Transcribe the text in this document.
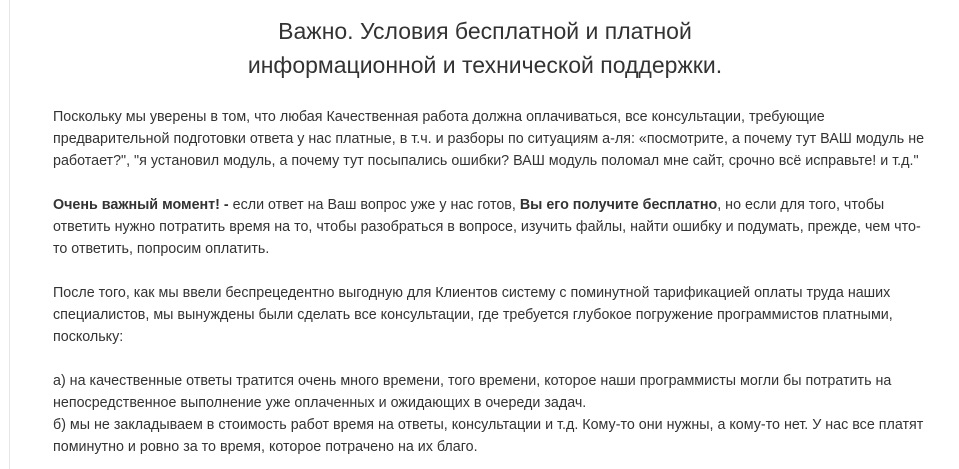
Важно. Условия бесплатной и платной
информационной и технической поддержки.

Поскольку мы уверены в том, что любая Качественная работа должна оплачиваться, все консультации, требующие предварительной подготовки ответа у нас платные, в т.ч. и разборы по ситуациям а-ля: «посмотрите, а почему тут ВАШ модуль не работает?", "я установил модуль, а почему тут посыпались ошибки? ВАШ модуль поломал мне сайт, срочно всё исправьте! и т.д."

Очень важный момент! - если ответ на Ваш вопрос уже у нас готов, Вы его получите бесплатно, но если для того, чтобы ответить нужно потратить время на то, чтобы разобраться в вопросе, изучить файлы, найти ошибку и подумать, прежде, чем что-то ответить, попросим оплатить.

После того, как мы ввели беспрецедентно выгодную для Клиентов систему с поминутной тарификацией оплаты труда наших специалистов, мы вынуждены были сделать все консультации, где требуется глубокое погружение программистов платными, поскольку:

а) на качественные ответы тратится очень много времени, того времени, которое наши программисты могли бы потратить на непосредственное выполнение уже оплаченных и ожидающих в очереди задач.

б) мы не закладываем в стоимость работ время на ответы, консультации и т.д. Кому-то они нужны, а кому-то нет. У нас все платят поминутно и ровно за то время, которое потрачено на их благо.
